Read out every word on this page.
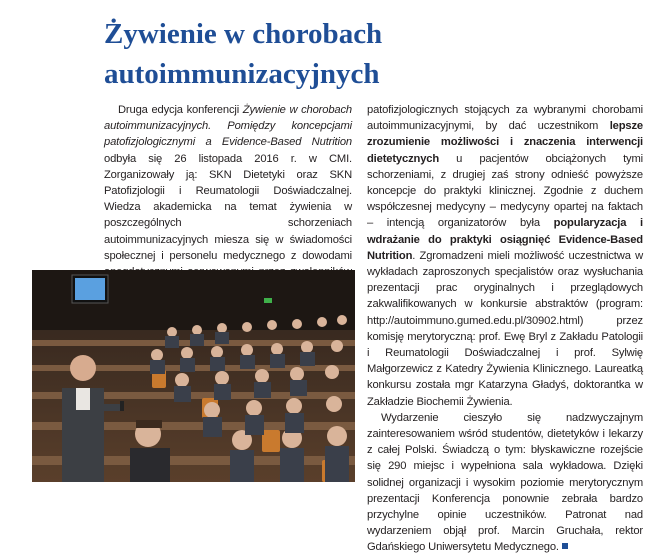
Żywienie w chorobach
autoimmunizacyjnych

Druga edycja konferencji Żywienie w chorobach autoimmunizacyjnych. Pomiędzy koncepcjami patofizjologicznymi a Evidence-Based Nutrition odbyła się 26 listopada 2016 r. w CMI. Zorganizowały ją: SKN Dietetyki oraz SKN Patofizjologii i Reumatologii Doświadczalnej. Wiedza akademicka na temat żywienia w poszczególnych schorzeniach autoimmunizacyjnych miesza się w świadomości społecznej i personelu medycznego z dowodami

patofizjologicznych stojących za wybranymi chorobami autoimmunizacyjnymi, by dać uczestnikom lepsze zrozumienie możliwości i znaczenia interwencji dietetycznych u pacjentów obciążonych tymi schorzeniami, z drugiej zaś strony odnieść powyższe koncepcje do praktyki klinicznej. Zgodnie z duchem współczesnej medycyny – medycyny opartej na faktach – intencją organizatorów była popularyzacja i wdrażanie do praktyki osiągnięć Evidence-Based Nutrition. Zgromadzeni mieli możliwość uczestnictwa w wykładach zaproszonych specjalistów oraz wysłuchania prezentacji prac oryginalnych i przeglądowych zakwalifikowanych w konkursie abstraktów (program: http://autoimmuno.gumed.edu.pl/30902.html) przez komisję merytoryczną: prof. Ewę Bryl z Zakładu Patologii i Reumatologii Doświadczalnej i prof. Sylwię Małgorzewicz z Katedry Żywienia Klinicznego. Laureatką konkursu została mgr Katarzyna Gładyś, doktorantka w Zakładzie Biochemii Żywienia.

Wydarzenie cieszyło się nadzwyczajnym zainteresowaniem wśród studentów, dietetyków i lekarzy z całej Polski. Świadczą o tym: błyskawiczne rozejście się 290 miejsc i wypełniona sala wykładowa. Dzięki solidnej organizacji i wysokim poziomie merytorycznym prezentacji Konferencja ponownie zebrała bardzo przychylne opinie uczestników. Patronat nad wydarzeniem objął prof. Marcin Gruchała, rektor Gdańskiego Uniwersytetu Medycznego.
